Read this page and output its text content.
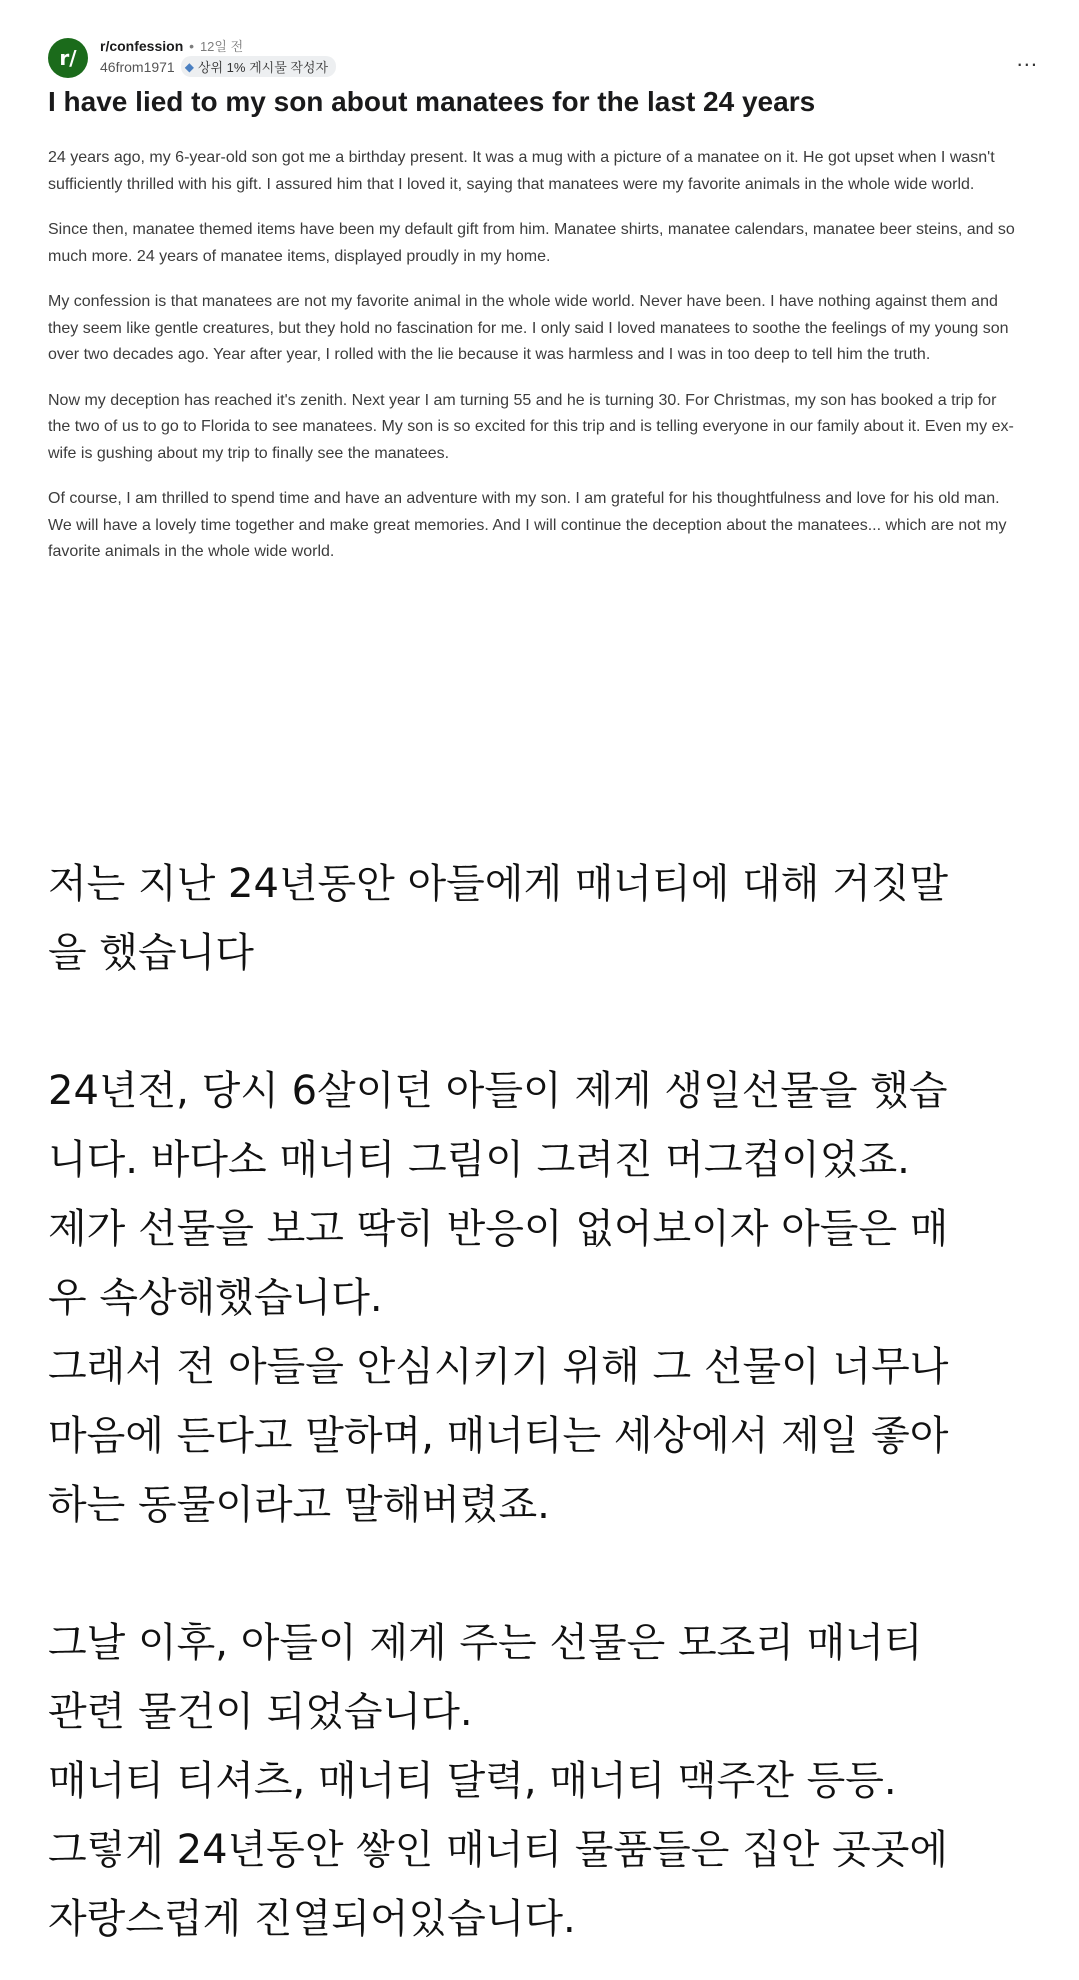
r/	r/confession • 12일 전
46from1971 ◆ 상위 1% 게시물 작성자	...
I have lied to my son about manatees for the last 24 years

24 years ago, my 6-year-old son got me a birthday present. It was a mug with a picture of a manatee on it. He got upset when I wasn't sufficiently thrilled with his gift. I assured him that I loved it, saying that manatees were my favorite animals in the whole wide world.

Since then, manatee themed items have been my default gift from him. Manatee shirts, manatee calendars, manatee beer steins, and so much more. 24 years of manatee items, displayed proudly in my home.

My confession is that manatees are not my favorite animal in the whole wide world. Never have been. I have nothing against them and they seem like gentle creatures, but they hold no fascination for me. I only said I loved manatees to soothe the feelings of my young son over two decades ago. Year after year, I rolled with the lie because it was harmless and I was in too deep to tell him the truth.

Now my deception has reached it's zenith. Next year I am turning 55 and he is turning 30. For Christmas, my son has booked a trip for the two of us to go to Florida to see manatees. My son is so excited for this trip and is telling everyone in our family about it. Even my ex-wife is gushing about my trip to finally see the manatees.

Of course, I am thrilled to spend time and have an adventure with my son. I am grateful for his thoughtfulness and love for his old man. We will have a lovely time together and make great memories. And I will continue the deception about the manatees... which are not my favorite animals in the whole wide world.

저는 지난 24년동안 아들에게 매너티에 대해 거짓말

을 했습니다

24년전, 당시 6살이던 아들이 제게 생일선물을 했습

니다. 바다소 매너티 그림이 그려진 머그컵이었죠.

제가 선물을 보고 딱히 반응이 없어보이자 아들은 매

우 속상해했습니다.

그래서 전 아들을 안심시키기 위해 그 선물이 너무나

마음에 든다고 말하며, 매너티는 세상에서 제일 좋아

하는 동물이라고 말해버렸죠.

그날 이후, 아들이 제게 주는 선물은 모조리 매너티

관련 물건이 되었습니다.

매너티 티셔츠, 매너티 달력, 매너티 맥주잔 등등.

그렇게 24년동안 쌓인 매너티 물품들은 집안 곳곳에

자랑스럽게 진열되어있습니다.
